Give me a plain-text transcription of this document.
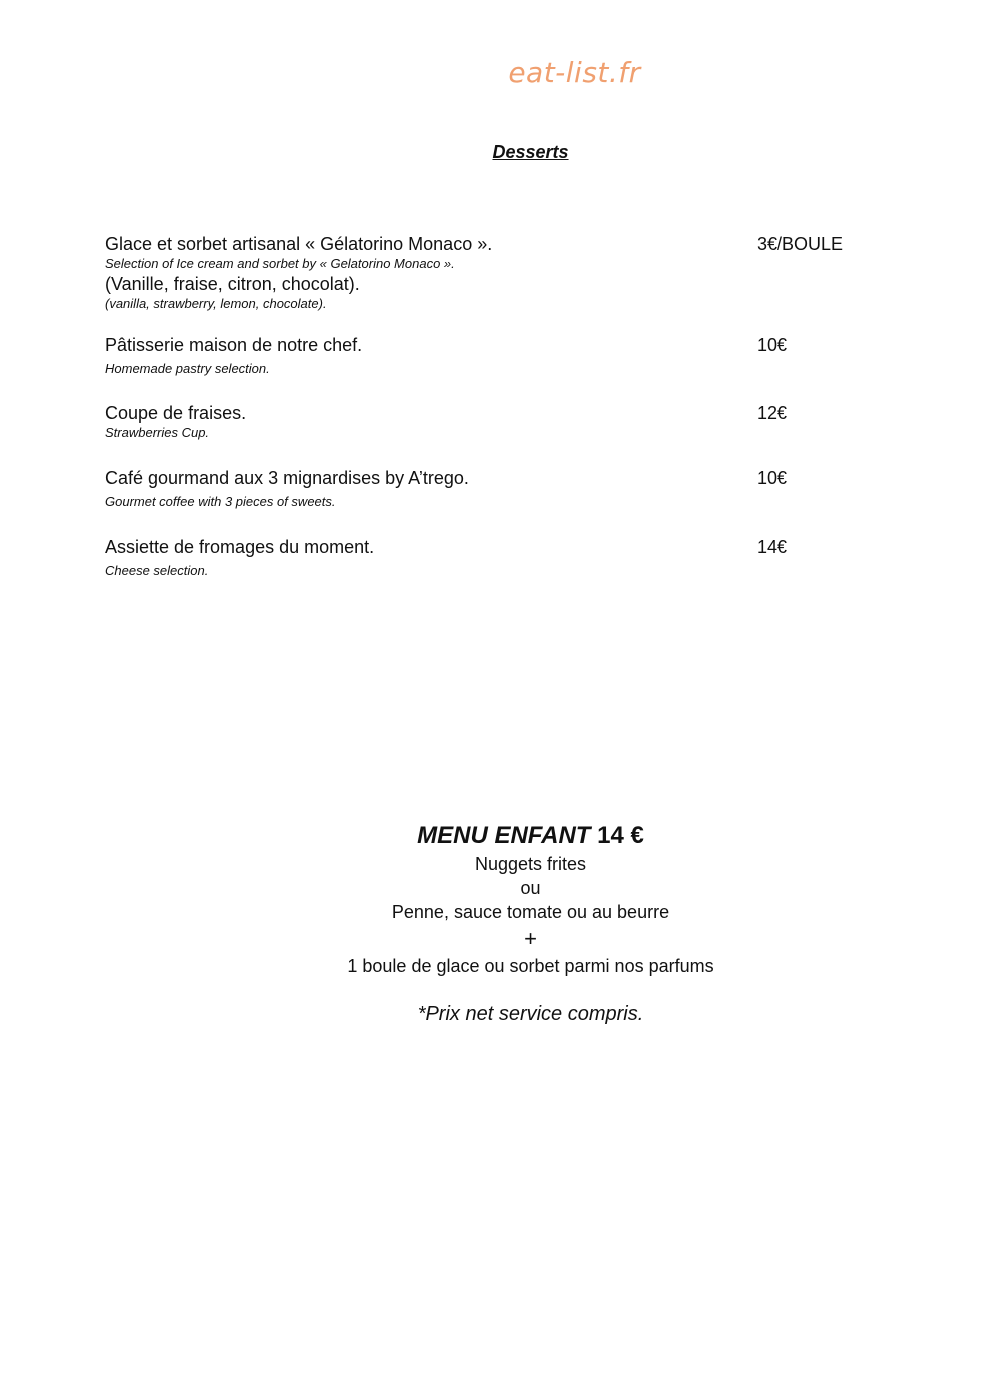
eat-list.fr
Desserts
Glace et sorbet artisanal « Gélatorino Monaco ».
Selection of Ice cream and sorbet by « Gelatorino Monaco ».
(Vanille, fraise, citron, chocolat).
(vanilla, strawberry, lemon, chocolate).
3€/BOULE
Pâtisserie maison de notre chef.
Homemade pastry selection.
10€
Coupe de fraises.
Strawberries Cup.
12€
Café gourmand aux 3 mignardises by A’trego.
Gourmet coffee with 3 pieces of sweets.
10€
Assiette de fromages du moment.
Cheese selection.
14€
MENU ENFANT 14 €
Nuggets frites
ou
Penne, sauce tomate ou au beurre
+
1 boule de glace ou sorbet parmi nos parfums
*Prix net service compris.
